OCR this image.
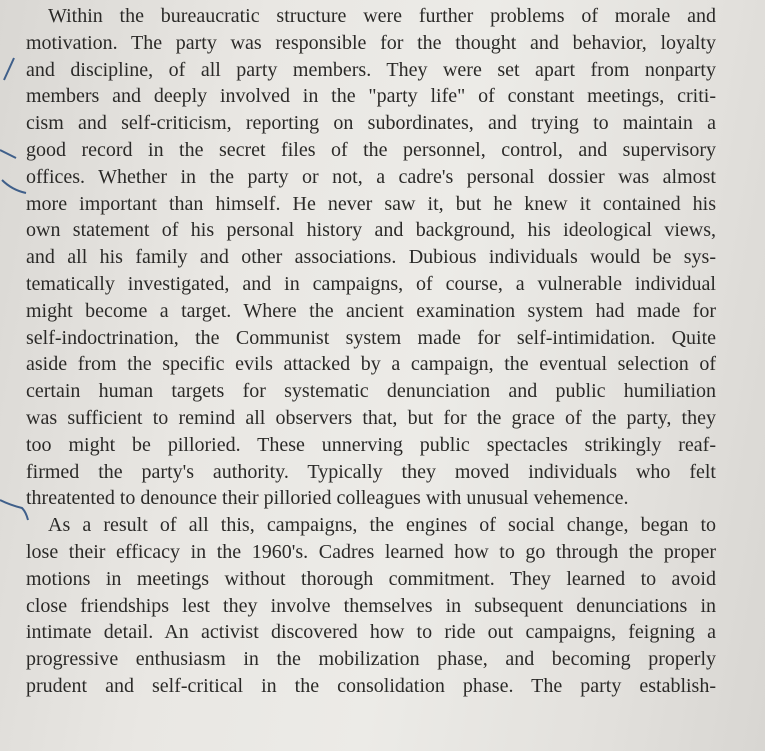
Within the bureaucratic structure were further problems of morale and
motivation. The party was responsible for the thought and behavior, loyalty
and discipline, of all party members. They were set apart from nonparty
members and deeply involved in the "party life" of constant meetings, criti-
cism and self-criticism, reporting on subordinates, and trying to maintain a
good record in the secret files of the personnel, control, and supervisory
offices. Whether in the party or not, a cadre's personal dossier was almost
more important than himself. He never saw it, but he knew it contained his
own statement of his personal history and background, his ideological views,
and all his family and other associations. Dubious individuals would be sys-
tematically investigated, and in campaigns, of course, a vulnerable individual
might become a target. Where the ancient examination system had made for
self-indoctrination, the Communist system made for self-intimidation. Quite
aside from the specific evils attacked by a campaign, the eventual selection of
certain human targets for systematic denunciation and public humiliation
was sufficient to remind all observers that, but for the grace of the party, they
too might be pilloried. These unnerving public spectacles strikingly reaf-
firmed the party's authority. Typically they moved individuals who felt
threatented to denounce their pilloried colleagues with unusual vehemence.
As a result of all this, campaigns, the engines of social change, began to
lose their efficacy in the 1960's. Cadres learned how to go through the proper
motions in meetings without thorough commitment. They learned to avoid
close friendships lest they involve themselves in subsequent denunciations in
intimate detail. An activist discovered how to ride out campaigns, feigning a
progressive enthusiasm in the mobilization phase, and becoming properly
prudent and self-critical in the consolidation phase. The party establish-
